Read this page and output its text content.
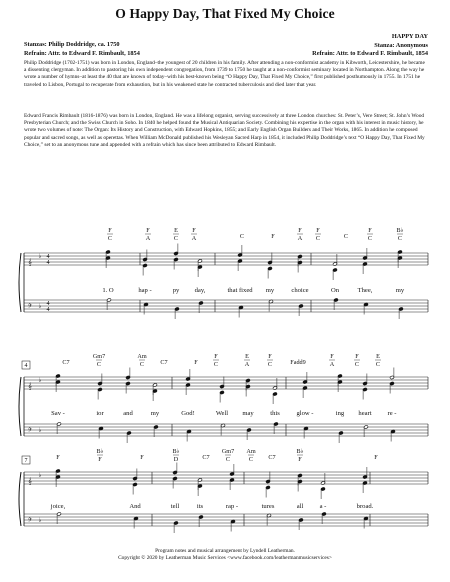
O Happy Day, That Fixed My Choice
Stanzas: Philip Doddridge, ca. 1750
Refrain: Attr. to Edward F. Rimbault, 1854
HAPPY DAY
Stanza: Anonymous
Refrain: Attr. to Edward F. Rimbault, 1854
Philip Doddridge (1702-1751) was born in London, England–the youngest of 20 children in his family. After attending a non-conformist academy in Kibworth, Leicestershire, he became a dissenting clergyman. In addition to pastoring his own independent congregation, from 1739 to 1750 he taught at a non-conformist seminary located in Northampton. Along the way he wrote a number of hymns–at least the 40 that are known of today–with his best-known being “O Happy Day, That Fixed My Choice,” first published posthumously in 1755. In 1751 he traveled to Lisbon, Portugal to recuperate from exhaustion, but in his weakened state he contracted tuberculosis and died later that year.
Edward Francis Rimbault (1816-1876) was born in London, England. He was a lifelong organist, serving successively at three London churches: St. Peter’s, Vere Street; St. John’s Wood Presbyterian Church; and the Swiss Church in Soho. In 1840 he helped found the Musical Antiquarian Society. Combining his expertise in the organ with his interest in music history, he wrote two volumes of note: The Organ: Its History and Construction, with Edward Hopkins, 1855; and Early English Organ Builders and Their Works, 1865. In addition he composed popular and sacred songs, as well as operettas. When William McDonald published his Wesleyan Sacred Harp in 1854, it included Philip Doddridge’s text “O Happy Day, That Fixed My Choice,” set to an anonymous tune and appended with a refrain which has since been attributed to Edward Rimbault.
𝄞
𝄢
♭
♭
4
4
4
4
F
C
F
A
E
C
F
A	C	F
F
A
F
C	C
F
C
B♭
C
1. O	hap -	py day,	that fixed my	choice	On	Thee,	my
𝄞
𝄢
♭
♭
4	C7
Gm7
C
Am
C	C7	F
F
C
E
A
F
C	Fadd9
F
A
F
C
E
C
Sav -	ior	and	my	God!	Well may	this	glow -	ing heart re -
𝄞
𝄢
♭
♭
7	F
B♭
F	F
B♭
D	C7
Gm7
C
Am
C C7
B♭
F	F
joice,	And	tell	its	rap -	tures	all a -	broad.
Program notes and musical arrangement by Lyndell Leatherman.
Copyright © 2020 by Leatherman Music Services <www.facebook.com/leathermanmusicservices>
